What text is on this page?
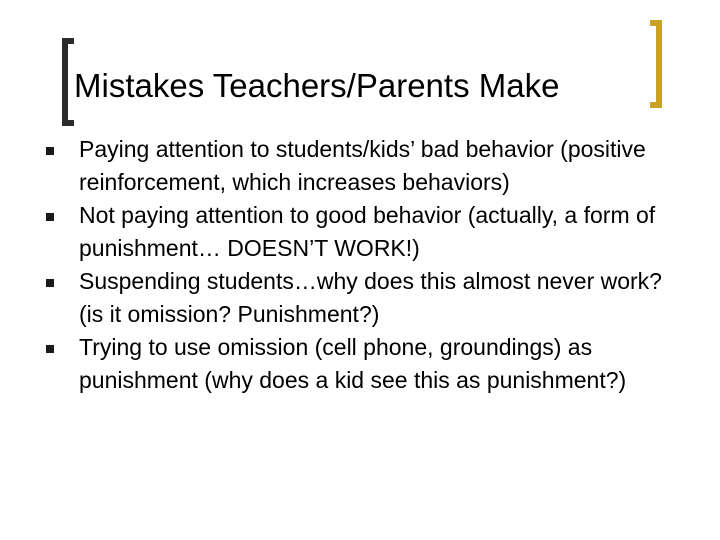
Mistakes Teachers/Parents Make
Paying attention to students/kids’ bad behavior (positive reinforcement, which increases behaviors)
Not paying attention to good behavior (actually, a form of punishment… DOESN’T WORK!)
Suspending students…why does this almost never work? (is it omission? Punishment?)
Trying to use omission (cell phone, groundings) as punishment (why does a kid see this as punishment?)
